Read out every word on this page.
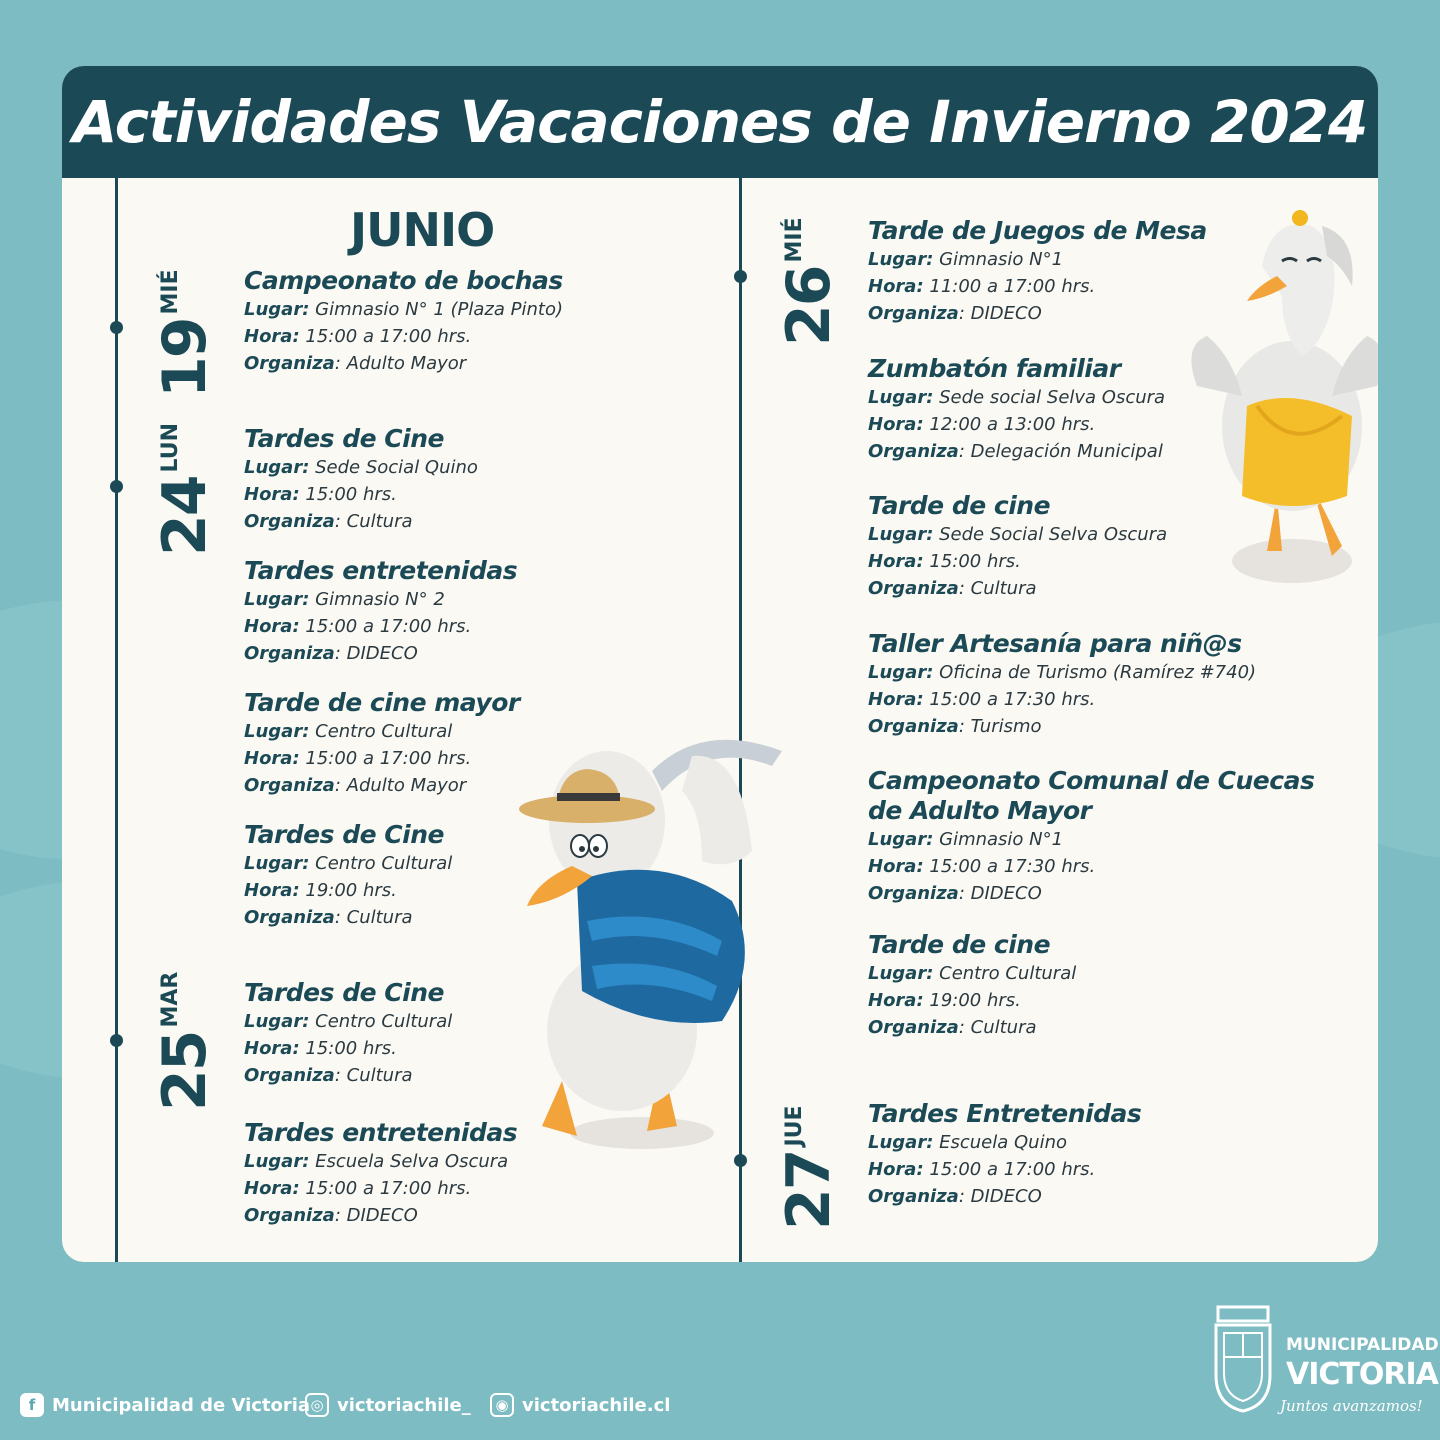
Actividades Vacaciones de Invierno 2024
19
MIÉ
24
LUN
25
MAR
26
MIÉ
27
JUE
JUNIO
Campeonato de bochas
Lugar: Gimnasio N° 1 (Plaza Pinto)
Hora: 15:00 a 17:00 hrs.
Organiza: Adulto Mayor
Tardes de Cine
Lugar: Sede Social Quino
Hora: 15:00 hrs.
Organiza: Cultura
Tardes entretenidas
Lugar: Gimnasio N° 2
Hora: 15:00 a 17:00 hrs.
Organiza: DIDECO
Tarde de cine mayor
Lugar: Centro Cultural
Hora: 15:00 a 17:00 hrs.
Organiza: Adulto Mayor
Tardes de Cine
Lugar: Centro Cultural
Hora: 19:00 hrs.
Organiza: Cultura
Tardes de Cine
Lugar: Centro Cultural
Hora: 15:00 hrs.
Organiza: Cultura
Tardes entretenidas
Lugar: Escuela Selva Oscura
Hora: 15:00 a 17:00 hrs.
Organiza: DIDECO
Tarde de Juegos de Mesa
Lugar: Gimnasio N°1
Hora: 11:00 a 17:00 hrs.
Organiza: DIDECO
Zumbatón familiar
Lugar: Sede social Selva Oscura
Hora: 12:00 a 13:00 hrs.
Organiza: Delegación Municipal
Tarde de cine
Lugar: Sede Social Selva Oscura
Hora: 15:00 hrs.
Organiza: Cultura
Taller Artesanía para niñ@s
Lugar: Oficina de Turismo (Ramírez #740)
Hora: 15:00 a 17:30 hrs.
Organiza: Turismo
Campeonato Comunal de Cuecas
de Adulto Mayor
Lugar: Gimnasio N°1
Hora: 15:00 a 17:30 hrs.
Organiza: DIDECO
Tarde de cine
Lugar: Centro Cultural
Hora: 19:00 hrs.
Organiza: Cultura
Tardes Entretenidas
Lugar: Escuela Quino
Hora: 15:00 a 17:00 hrs.
Organiza: DIDECO
f Municipalidad de Victoria ◎ victoriachile_	◉ victoriachile.cl
MUNICIPALIDAD
VICTORIA
Juntos avanzamos!
